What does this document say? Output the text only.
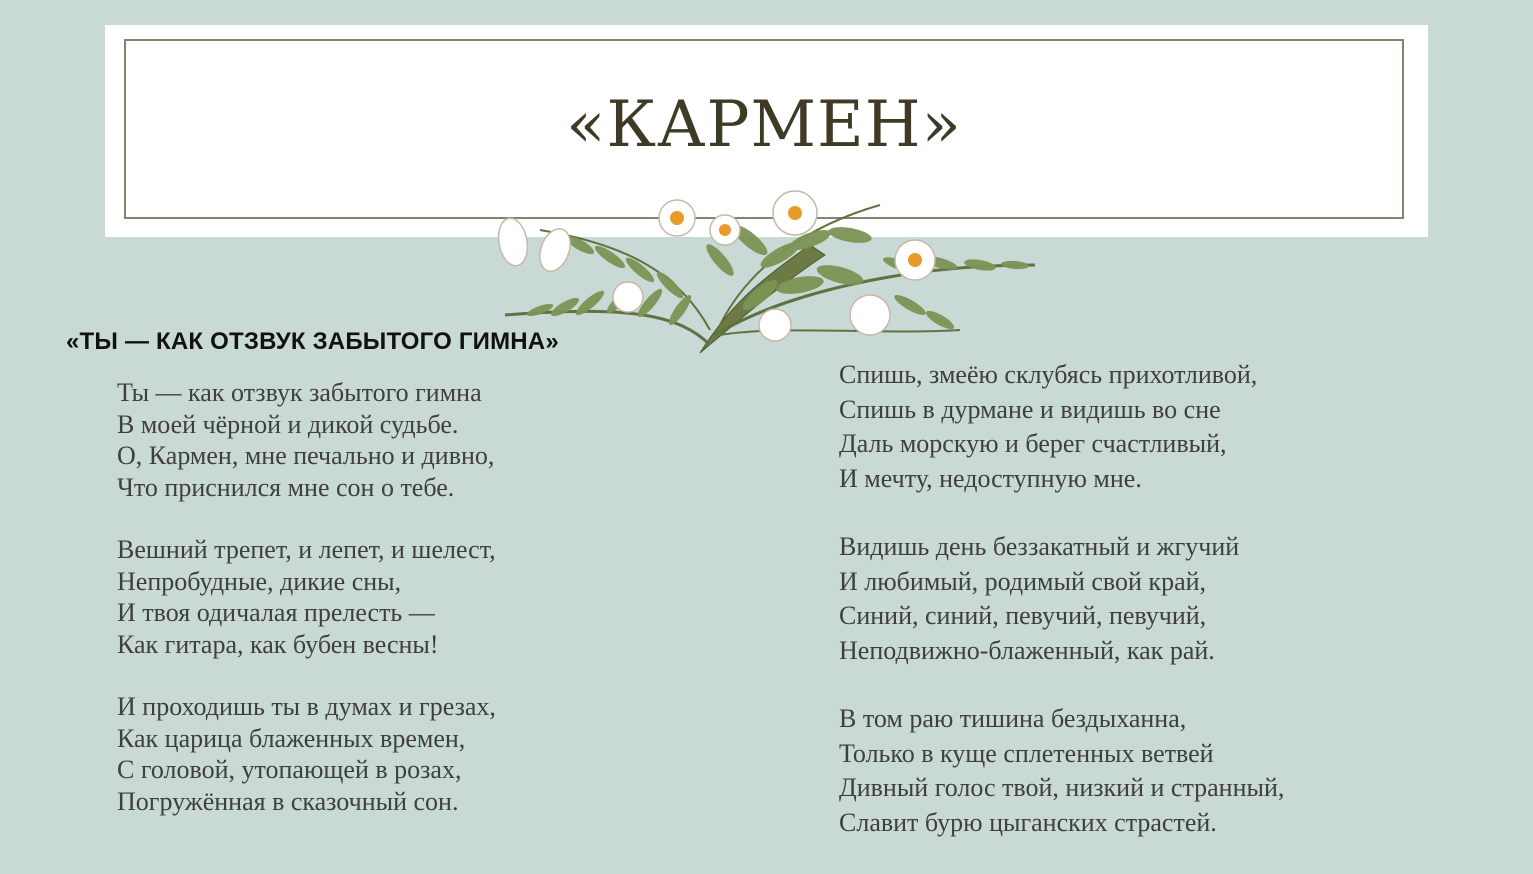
«КАРМЕН»
«ТЫ — КАК ОТЗВУК ЗАБЫТОГО ГИМНА»
Ты — как отзвук забытого гимна
В моей чёрной и дикой судьбе.
О, Кармен, мне печально и дивно,
Что приснился мне сон о тебе.
Вешний трепет, и лепет, и шелест,
Непробудные, дикие сны,
И твоя одичалая прелесть —
Как гитара, как бубен весны!
И проходишь ты в думах и грезах,
Как царица блаженных времен,
С головой, утопающей в розах,
Погружённая в сказочный сон.
Спишь, змеёю склубясь прихотливой,
Спишь в дурмане и видишь во сне
Даль морскую и берег счастливый,
И мечту, недоступную мне.
Видишь день беззакатный и жгучий
И любимый, родимый свой край,
Синий, синий, певучий, певучий,
Неподвижно-блаженный, как рай.
В том раю тишина бездыханна,
Только в куще сплетенных ветвей
Дивный голос твой, низкий и странный,
Славит бурю цыганских страстей.
